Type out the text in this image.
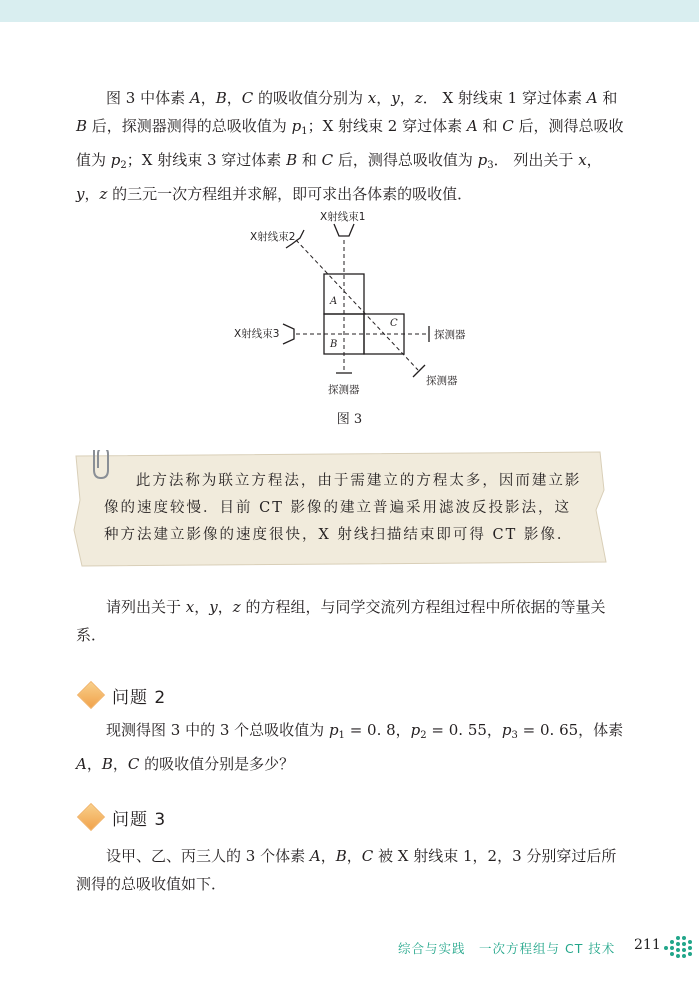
图 3 中体素 A，B，C 的吸收值分别为 x，y，z． X 射线束 1 穿过体素 A 和 B 后，探测器测得的总吸收值为 $p_1$；X 射线束 2 穿过体素 A 和 C 后，测得总吸收值为 $p_2$；X 射线束 3 穿过体素 B 和 C 后，测得总吸收值为 $p_3$． 列出关于 x，y，z 的三元一次方程组并求解，即可求出各体素的吸收值．
X射线束1
X射线束2
X射线束3	探测器
探测器
探测器
A
B
C
图 3
此方法称为联立方程法，由于需建立的方程太多，因而建立影像的速度较慢．目前 CT 影像的建立普遍采用滤波反投影法，这种方法建立影像的速度很快，X 射线扫描结束即可得 CT 影像．
请列出关于 x，y，z 的方程组，与同学交流列方程组过程中所依据的等量关系．
问题 2
现测得图 3 中的 3 个总吸收值为 $p_1 = 0$. 8，$p_2 = 0$. 55，$p_3 = 0$. 65，体素 A，B，C 的吸收值分别是多少？
问题 3
设甲、乙、丙三人的 3 个体素 A，B，C 被 X 射线束 1，2，3 分别穿过后所测得的总吸收值如下．
综合与实践　一次方程组与 CT 技术 211
